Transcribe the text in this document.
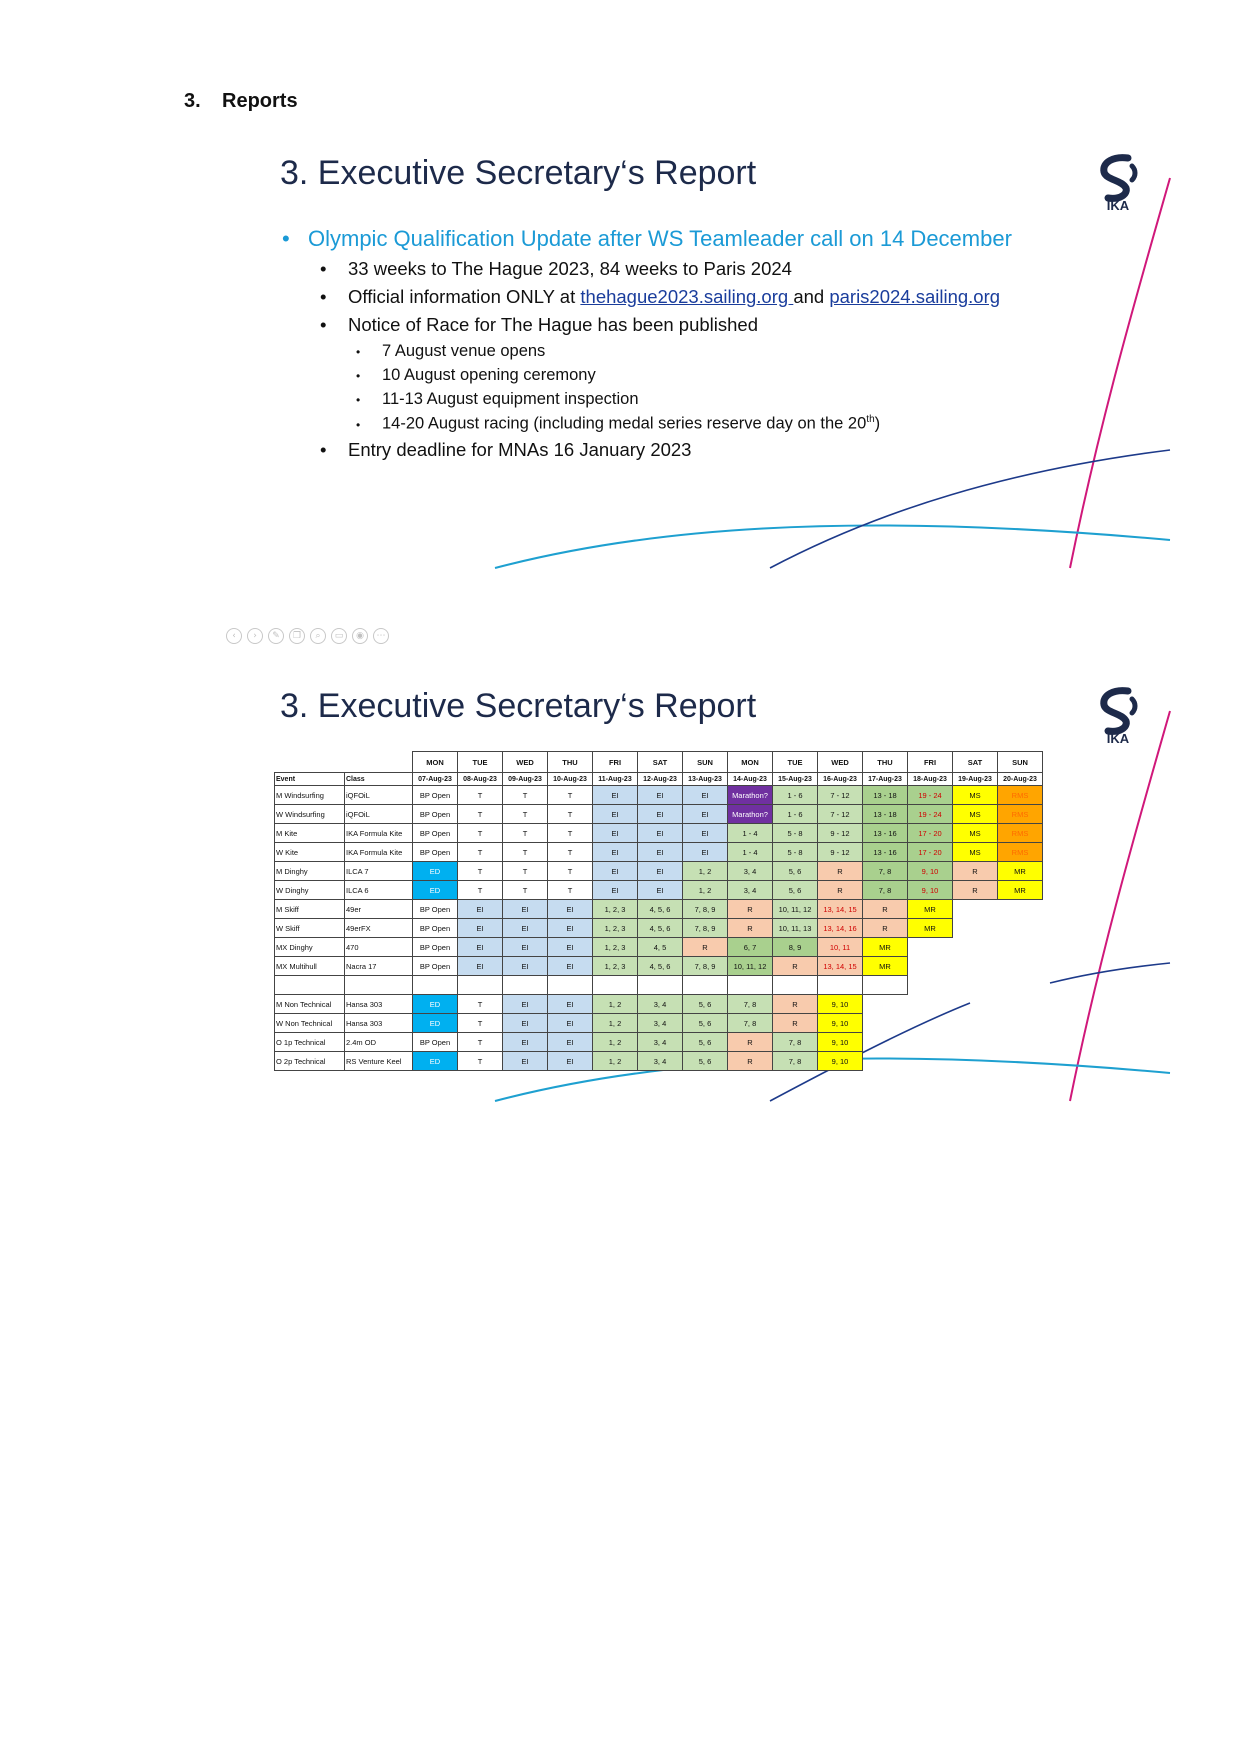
3. Reports
3. Executive Secretary‘s Report
IKA
• Olympic Qualification Update after WS Teamleader call on 14 December
• 33 weeks to The Hague 2023, 84 weeks to Paris 2024
• Official information ONLY at thehague2023.sailing.org and paris2024.sailing.org
• Notice of Race for The Hague has been published
• 7 August venue opens
• 10 August opening ceremony
• 11-13 August equipment inspection
• 14-20 August racing (including medal series reserve day on the 20th)
• Entry deadline for MNAs 16 January 2023
‹	›	✎	❐	⌕	▭	◉	⋯
3. Executive Secretary‘s Report
IKA
		MON	TUE	WED	THU	FRI	SAT	SUN	MON	TUE	WED	THU	FRI	SAT	SUN
Event	Class	07-Aug-23	08-Aug-23	09-Aug-23	10-Aug-23	11-Aug-23	12-Aug-23	13-Aug-23	14-Aug-23	15-Aug-23	16-Aug-23	17-Aug-23	18-Aug-23	19-Aug-23	20-Aug-23
M Windsurfing	iQFOiL	BP Open	T	T	T	EI	EI	EI	Marathon?	1 - 6	7 - 12	13 - 18	19 - 24	MS	RMS
W Windsurfing	iQFOiL	BP Open	T	T	T	EI	EI	EI	Marathon?	1 - 6	7 - 12	13 - 18	19 - 24	MS	RMS
M Kite	IKA Formula Kite	BP Open	T	T	T	EI	EI	EI	1 - 4	5 - 8	9 - 12	13 - 16	17 - 20	MS	RMS
W Kite	IKA Formula Kite	BP Open	T	T	T	EI	EI	EI	1 - 4	5 - 8	9 - 12	13 - 16	17 - 20	MS	RMS
M Dinghy	ILCA 7	ED	T	T	T	EI	EI	1, 2	3, 4	5, 6	R	7, 8	9, 10	R	MR
W Dinghy	ILCA 6	ED	T	T	T	EI	EI	1, 2	3, 4	5, 6	R	7, 8	9, 10	R	MR
M Skiff	49er	BP Open	EI	EI	EI	1, 2, 3	4, 5, 6	7, 8, 9	R	10, 11, 12	13, 14, 15	R	MR		
W Skiff	49erFX	BP Open	EI	EI	EI	1, 2, 3	4, 5, 6	7, 8, 9	R	10, 11, 13	13, 14, 16	R	MR		
MX Dinghy	470	BP Open	EI	EI	EI	1, 2, 3	4, 5	R	6, 7	8, 9	10, 11	MR			
MX Multihull	Nacra 17	BP Open	EI	EI	EI	1, 2, 3	4, 5, 6	7, 8, 9	10, 11, 12	R	13, 14, 15	MR			

M Non Technical	Hansa 303	ED	T	EI	EI	1, 2	3, 4	5, 6	7, 8	R	9, 10				
W Non Technical	Hansa 303	ED	T	EI	EI	1, 2	3, 4	5, 6	7, 8	R	9, 10				
O 1p Technical	2.4m OD	BP Open	T	EI	EI	1, 2	3, 4	5, 6	R	7, 8	9, 10				
O 2p Technical	RS Venture Keel	ED	T	EI	EI	1, 2	3, 4	5, 6	R	7, 8	9, 10				
